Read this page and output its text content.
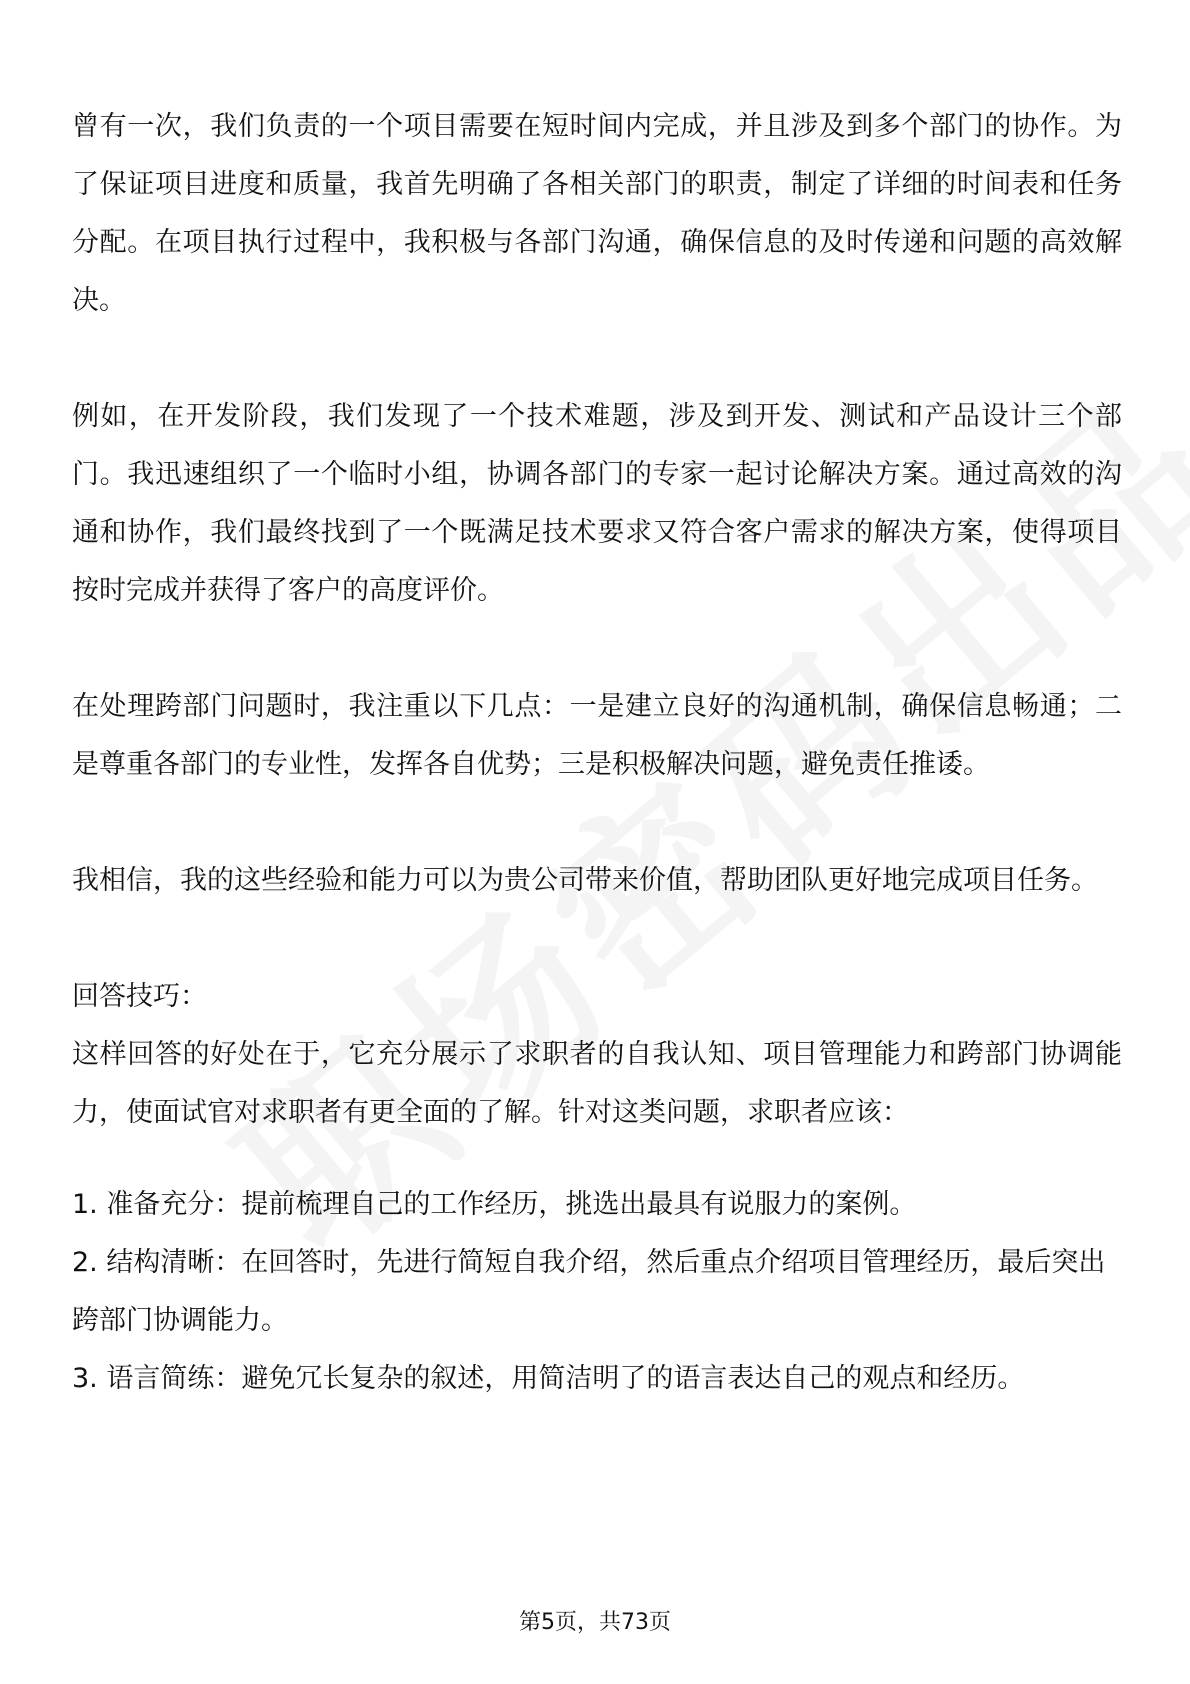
曾有一次，我们负责的一个项目需要在短时间内完成，并且涉及到多个部门的协作。为了保证项目进度和质量，我首先明确了各相关部门的职责，制定了详细的时间表和任务分配。在项目执行过程中，我积极与各部门沟通，确保信息的及时传递和问题的高效解决。

例如，在开发阶段，我们发现了一个技术难题，涉及到开发、测试和产品设计三个部门。我迅速组织了一个临时小组，协调各部门的专家一起讨论解决方案。通过高效的沟通和协作，我们最终找到了一个既满足技术要求又符合客户需求的解决方案，使得项目按时完成并获得了客户的高度评价。

在处理跨部门问题时，我注重以下几点：一是建立良好的沟通机制，确保信息畅通；二是尊重各部门的专业性，发挥各自优势；三是积极解决问题，避免责任推诿。

我相信，我的这些经验和能力可以为贵公司带来价值，帮助团队更好地完成项目任务。

回答技巧：

这样回答的好处在于，它充分展示了求职者的自我认知、项目管理能力和跨部门协调能力，使面试官对求职者有更全面的了解。针对这类问题，求职者应该：

1. 准备充分：提前梳理自己的工作经历，挑选出最具有说服力的案例。

2. 结构清晰：在回答时，先进行简短自我介绍，然后重点介绍项目管理经历，最后突出跨部门协调能力。

3. 语言简练：避免冗长复杂的叙述，用简洁明了的语言表达自己的观点和经历。

第5页，共73页
